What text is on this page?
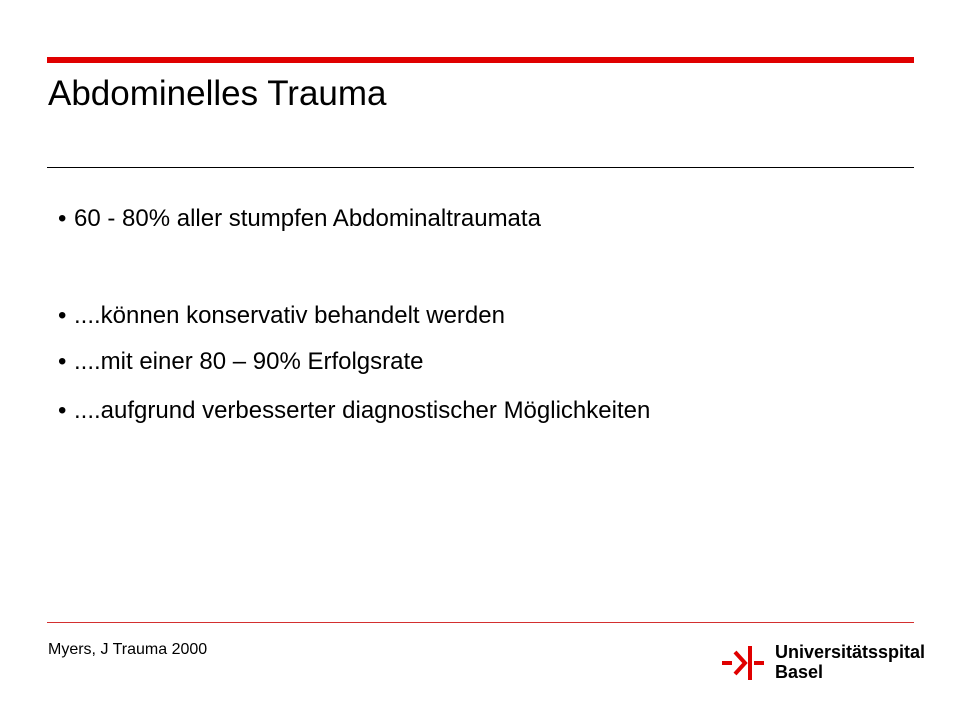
Abdominelles Trauma
• 60 - 80% aller stumpfen Abdominaltraumata
• ....können konservativ behandelt werden
• ....mit einer 80 – 90% Erfolgsrate
• ....aufgrund verbesserter diagnostischer Möglichkeiten
Myers, J Trauma 2000	Universitätsspital
Basel
